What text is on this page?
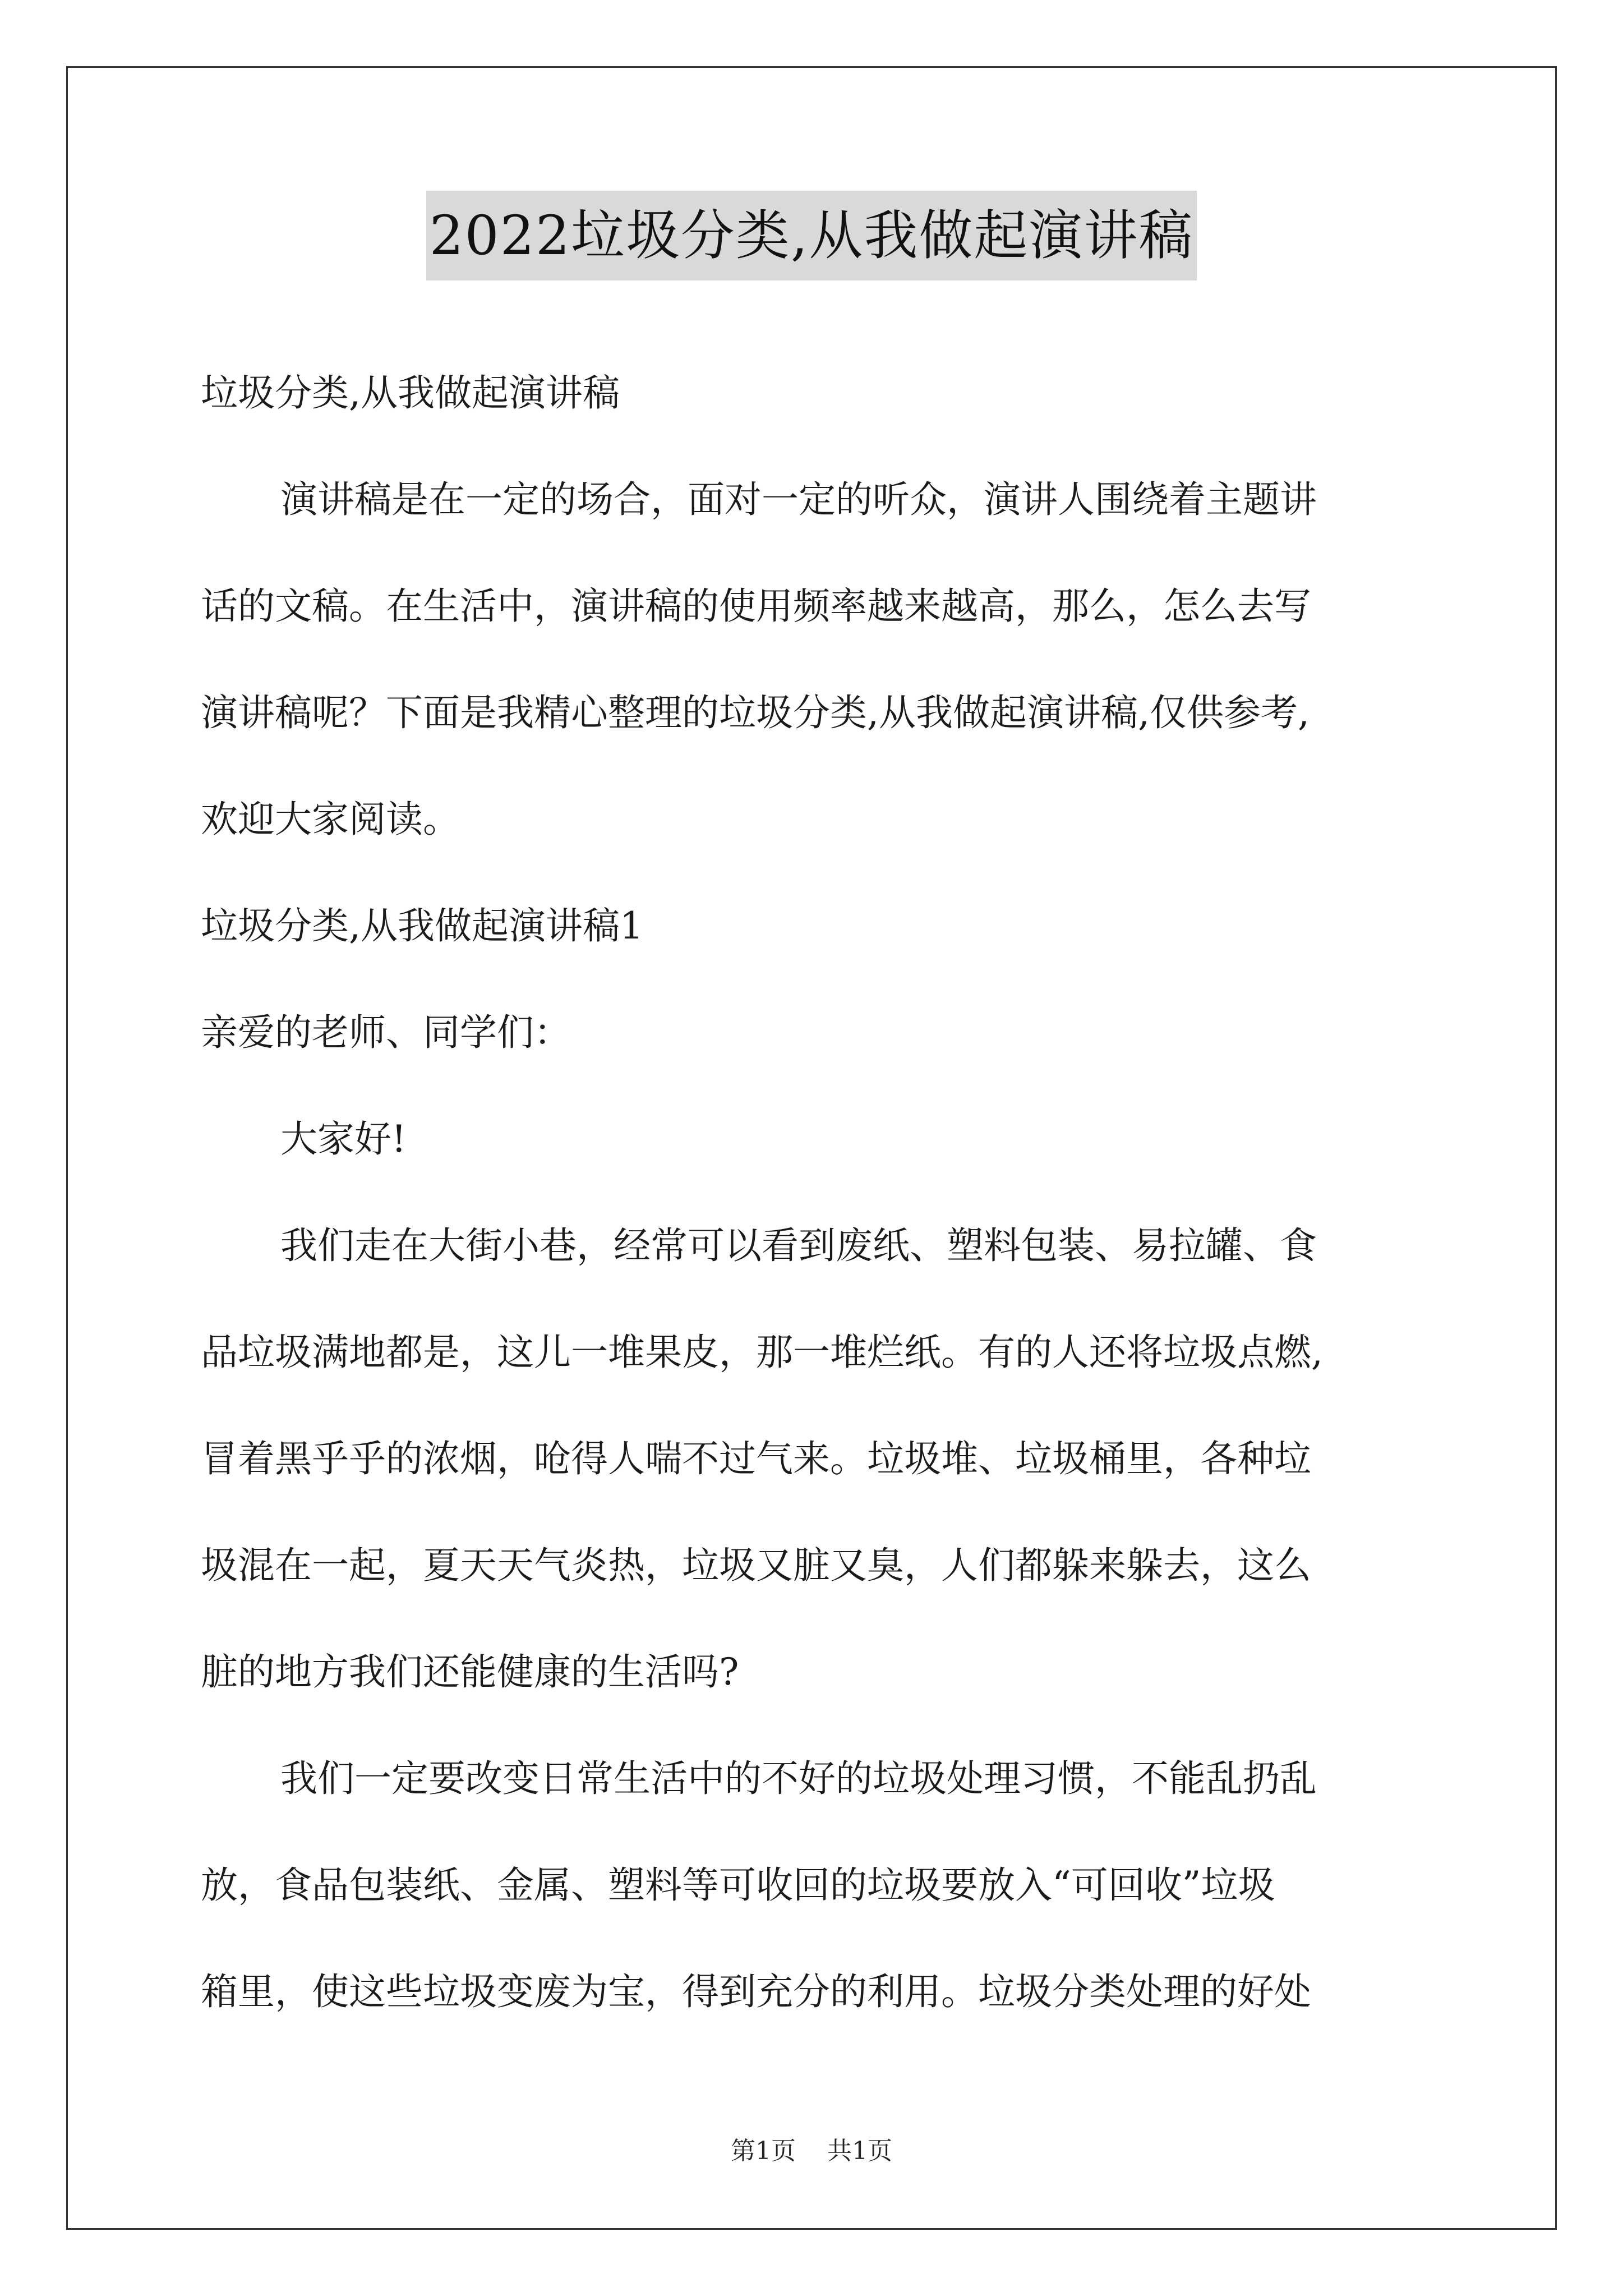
2022垃圾分类,从我做起演讲稿
垃圾分类,从我做起演讲稿
演讲稿是在一定的场合，面对一定的听众，演讲人围绕着主题讲
话的文稿。在生活中，演讲稿的使用频率越来越高，那么，怎么去写
演讲稿呢？下面是我精心整理的垃圾分类,从我做起演讲稿,仅供参考,
欢迎大家阅读。
垃圾分类,从我做起演讲稿1
亲爱的老师、同学们：
大家好!
我们走在大街小巷，经常可以看到废纸、塑料包装、易拉罐、食
品垃圾满地都是，这儿一堆果皮，那一堆烂纸。有的人还将垃圾点燃,
冒着黑乎乎的浓烟，呛得人喘不过气来。垃圾堆、垃圾桶里，各种垃
圾混在一起，夏天天气炎热，垃圾又脏又臭，人们都躲来躲去，这么
脏的地方我们还能健康的生活吗?
我们一定要改变日常生活中的不好的垃圾处理习惯，不能乱扔乱
放，食品包装纸、金属、塑料等可收回的垃圾要放入“可回收”垃圾
箱里，使这些垃圾变废为宝，得到充分的利用。垃圾分类处理的好处
第1页 共1页
